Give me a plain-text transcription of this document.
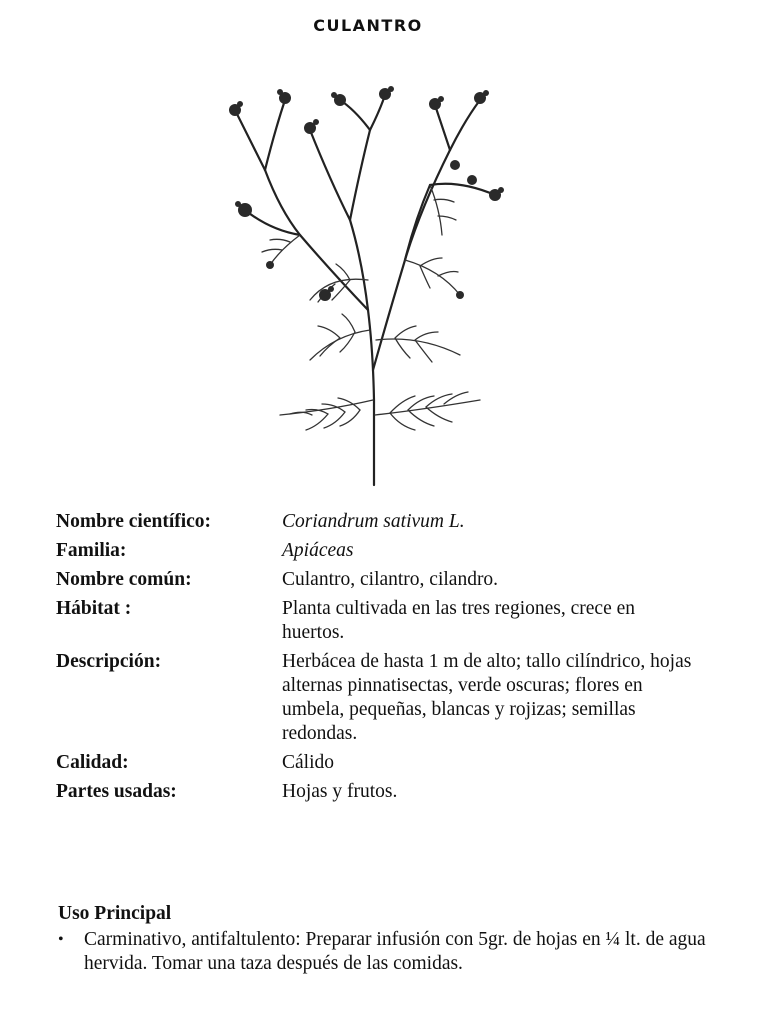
CULANTRO
Nombre científico:	Coriandrum sativum L.
Familia:	Apiáceas
Nombre común:	Culantro, cilantro, cilandro.
Hábitat :	Planta cultivada en las tres regiones, crece en huertos.
Descripción:	Herbácea de hasta 1 m de alto; tallo cilíndrico, hojas alternas pinnatisectas, verde oscuras; flores en umbela, pequeñas, blancas y rojizas; semillas redondas.
Calidad:	Cálido
Partes usadas:	Hojas y frutos.
Uso Principal
•	Carminativo, antifaltulento: Preparar infusión con 5gr. de hojas en ¼ lt. de agua hervida. Tomar una taza después de las comidas.
